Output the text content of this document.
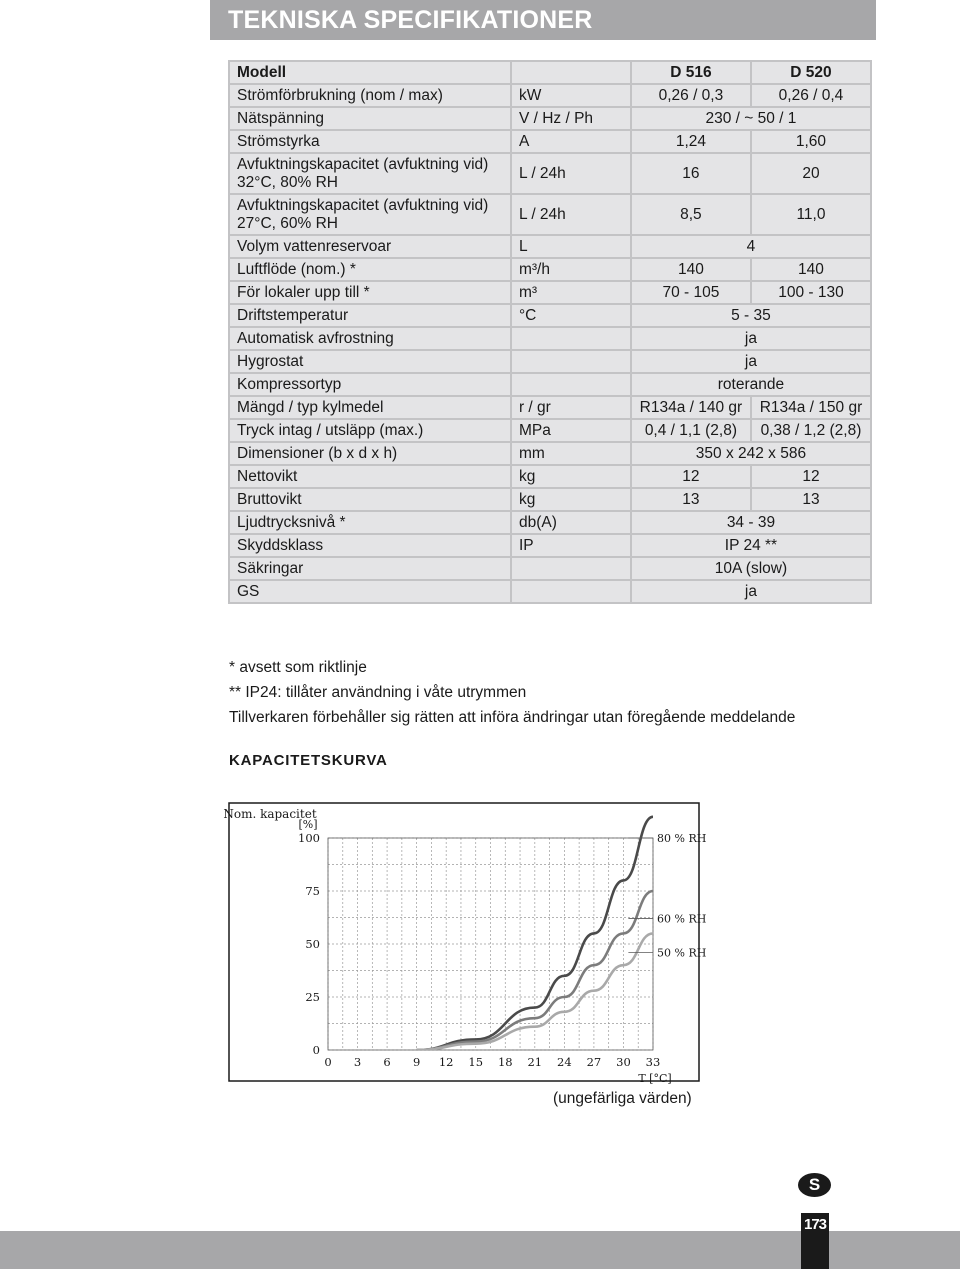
TEKNISKA SPECIFIKATIONER
Modell		D 516	D 520
Strömförbrukning (nom / max)	kW	0,26 / 0,3	0,26 / 0,4
Nätspänning	V / Hz / Ph	230 / ~ 50 / 1	
Strömstyrka	A	1,24	1,60
Avfuktningskapacitet (avfuktning vid) 32°C, 80% RH	L / 24h	16	20
Avfuktningskapacitet (avfuktning vid) 27°C, 60% RH	L / 24h	8,5	11,0
Volym vattenreservoar	L	4	
Luftflöde (nom.) *	m³/h	140	140
För lokaler upp till *	m³	70 - 105	100 - 130
Driftstemperatur	°C	5 - 35	
Automatisk avfrostning		ja	
Hygrostat		ja	
Kompressortyp		roterande	
Mängd / typ kylmedel	r / gr	R134a / 140 gr	R134a / 150 gr
Tryck intag / utsläpp (max.)	MPa	0,4 / 1,1 (2,8)	0,38 / 1,2 (2,8)
Dimensioner (b x d x h)	mm	350 x 242 x 586	
Nettovikt	kg	12	12
Bruttovikt	kg	13	13
Ljudtrycksnivå *	db(A)	34 - 39	
Skyddsklass	IP	IP 24 **	
Säkringar		10A (slow)	
GS		ja	
* avsett som riktlinje
** IP24: tillåter användning i våte utrymmen
Tillverkaren förbehåller sig rätten att införa ändringar utan föregående meddelande
KAPACITETSKURVA
Nom. kapacitet
[%]
0 3 6 9 12 15 18 21 24 27 30 33
0
25
50
75
100
T [°C]
80 % RH
60 % RH
50 % RH
(ungefärliga värden)
S
173
